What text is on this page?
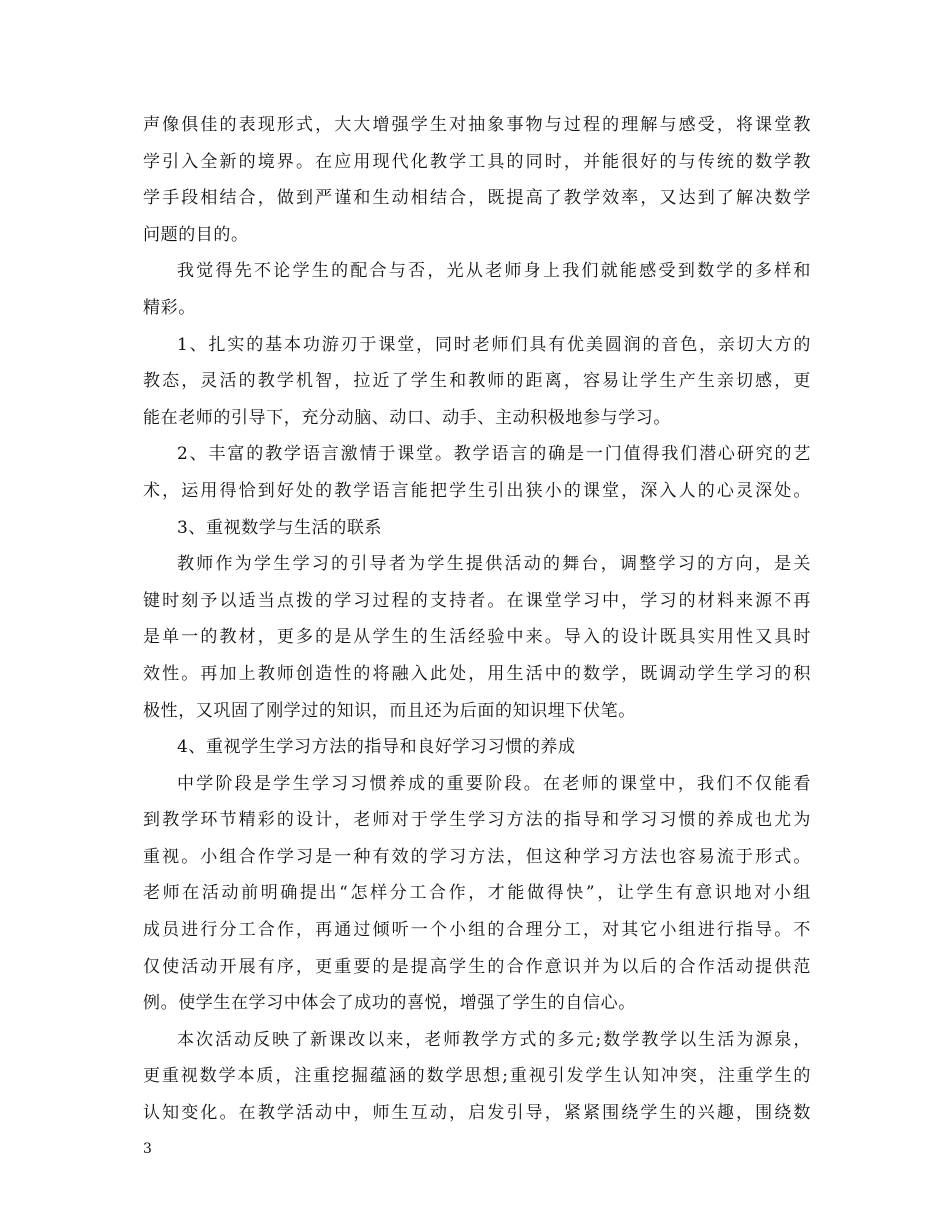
声像俱佳的表现形式，大大增强学生对抽象事物与过程的理解与感受，将课堂教
学引入全新的境界。在应用现代化教学工具的同时，并能很好的与传统的数学教
学手段相结合，做到严谨和生动相结合，既提高了教学效率，又达到了解决数学
问题的目的。
我觉得先不论学生的配合与否，光从老师身上我们就能感受到数学的多样和
精彩。
1、扎实的基本功游刃于课堂，同时老师们具有优美圆润的音色，亲切大方的
教态，灵活的教学机智，拉近了学生和教师的距离，容易让学生产生亲切感，更
能在老师的引导下，充分动脑、动口、动手、主动积极地参与学习。
2、丰富的教学语言激情于课堂。教学语言的确是一门值得我们潜心研究的艺
术，运用得恰到好处的教学语言能把学生引出狭小的课堂，深入人的心灵深处。
3、重视数学与生活的联系
教师作为学生学习的引导者为学生提供活动的舞台，调整学习的方向，是关
键时刻予以适当点拨的学习过程的支持者。在课堂学习中，学习的材料来源不再
是单一的教材，更多的是从学生的生活经验中来。导入的设计既具实用性又具时
效性。再加上教师创造性的将融入此处，用生活中的数学，既调动学生学习的积
极性，又巩固了刚学过的知识，而且还为后面的知识埋下伏笔。
4、重视学生学习方法的指导和良好学习习惯的养成
中学阶段是学生学习习惯养成的重要阶段。在老师的课堂中，我们不仅能看
到教学环节精彩的设计，老师对于学生学习方法的指导和学习习惯的养成也尤为
重视。小组合作学习是一种有效的学习方法，但这种学习方法也容易流于形式。
老师在活动前明确提出“怎样分工合作，才能做得快”，让学生有意识地对小组
成员进行分工合作，再通过倾听一个小组的合理分工，对其它小组进行指导。不
仅使活动开展有序，更重要的是提高学生的合作意识并为以后的合作活动提供范
例。使学生在学习中体会了成功的喜悦，增强了学生的自信心。
本次活动反映了新课改以来，老师教学方式的多元;数学教学以生活为源泉，
更重视数学本质，注重挖掘蕴涵的数学思想;重视引发学生认知冲突，注重学生的
认知变化。在教学活动中，师生互动，启发引导，紧紧围绕学生的兴趣，围绕数
3
